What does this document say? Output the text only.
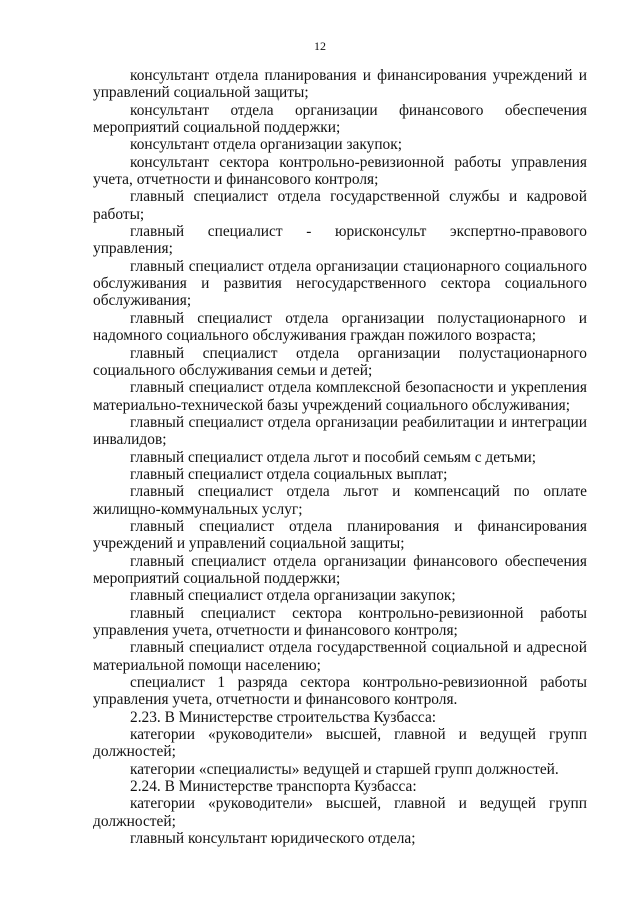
12

консультант отдела планирования и финансирования учреждений и управлений социальной защиты;

консультант отдела организации финансового обеспечения мероприятий социальной поддержки;

консультант отдела организации закупок;

консультант сектора контрольно-ревизионной работы управления учета, отчетности и финансового контроля;

главный специалист отдела государственной службы и кадровой работы;

главный специалист - юрисконсульт экспертно-правового управления;

главный специалист отдела организации стационарного социального обслуживания и развития негосударственного сектора социального обслуживания;

главный специалист отдела организации полустационарного и надомного социального обслуживания граждан пожилого возраста;

главный специалист отдела организации полустационарного социального обслуживания семьи и детей;

главный специалист отдела комплексной безопасности и укрепления материально-технической базы учреждений социального обслуживания;

главный специалист отдела организации реабилитации и интеграции инвалидов;

главный специалист отдела льгот и пособий семьям с детьми;

главный специалист отдела социальных выплат;

главный специалист отдела льгот и компенсаций по оплате жилищно-коммунальных услуг;

главный специалист отдела планирования и финансирования учреждений и управлений социальной защиты;

главный специалист отдела организации финансового обеспечения мероприятий социальной поддержки;

главный специалист отдела организации закупок;

главный специалист сектора контрольно-ревизионной работы управления учета, отчетности и финансового контроля;

главный специалист отдела государственной социальной и адресной материальной помощи населению;

специалист 1 разряда сектора контрольно-ревизионной работы управления учета, отчетности и финансового контроля.

2.23. В Министерстве строительства Кузбасса:

категории «руководители» высшей, главной и ведущей групп должностей;

категории «специалисты» ведущей и старшей групп должностей.

2.24. В Министерстве транспорта Кузбасса:

категории «руководители» высшей, главной и ведущей групп должностей;

главный консультант юридического отдела;
